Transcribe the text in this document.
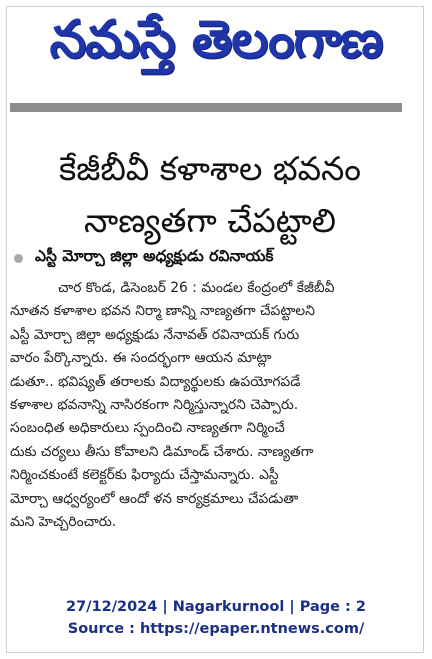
నమస్తే తెలంగాణ
కేజీబీవీ కళాశాల భవనం
నాణ్యతగా చేపట్టాలి
ఎస్టీ మోర్చా జిల్లా అధ్యక్షుడు రవినాయక్
చార కొండ, డిసెంబర్ 26 : మండల కేంద్రంలో కేజీబీవీ
నూతన కళాశాల భవన నిర్మా ణాన్ని నాణ్యతగా చేపట్టాలని
ఎస్టీ మోర్చా జిల్లా అధ్యక్షుడు నేనావత్ రవినాయక్ గురు
వారం పేర్కొన్నారు. ఈ సందర్భంగా ఆయన మాట్లా
డుతూ.. భవిష్యత్ తరాలకు విద్యార్థులకు ఉపయోగపడే
కళాశాల భవనాన్ని నాసిరకంగా నిర్మిస్తున్నారని చెప్పారు.
సంబంధిత అధికారులు స్పందించి నాణ్యతగా నిర్మించే
దుకు చర్యలు తీసు కోవాలని డిమాండ్ చేశారు. నాణ్యతగా
నిర్మించకుంటే కలెక్టర్‌కు ఫిర్యాదు చేస్తామన్నారు. ఎస్టీ
మోర్చా ఆధ్వర్యంలో ఆందో ళన కార్యక్రమాలు చేపడుతా
మని హెచ్చరించారు.
27/12/2024 | Nagarkurnool | Page : 2
Source : https://epaper.ntnews.com/
